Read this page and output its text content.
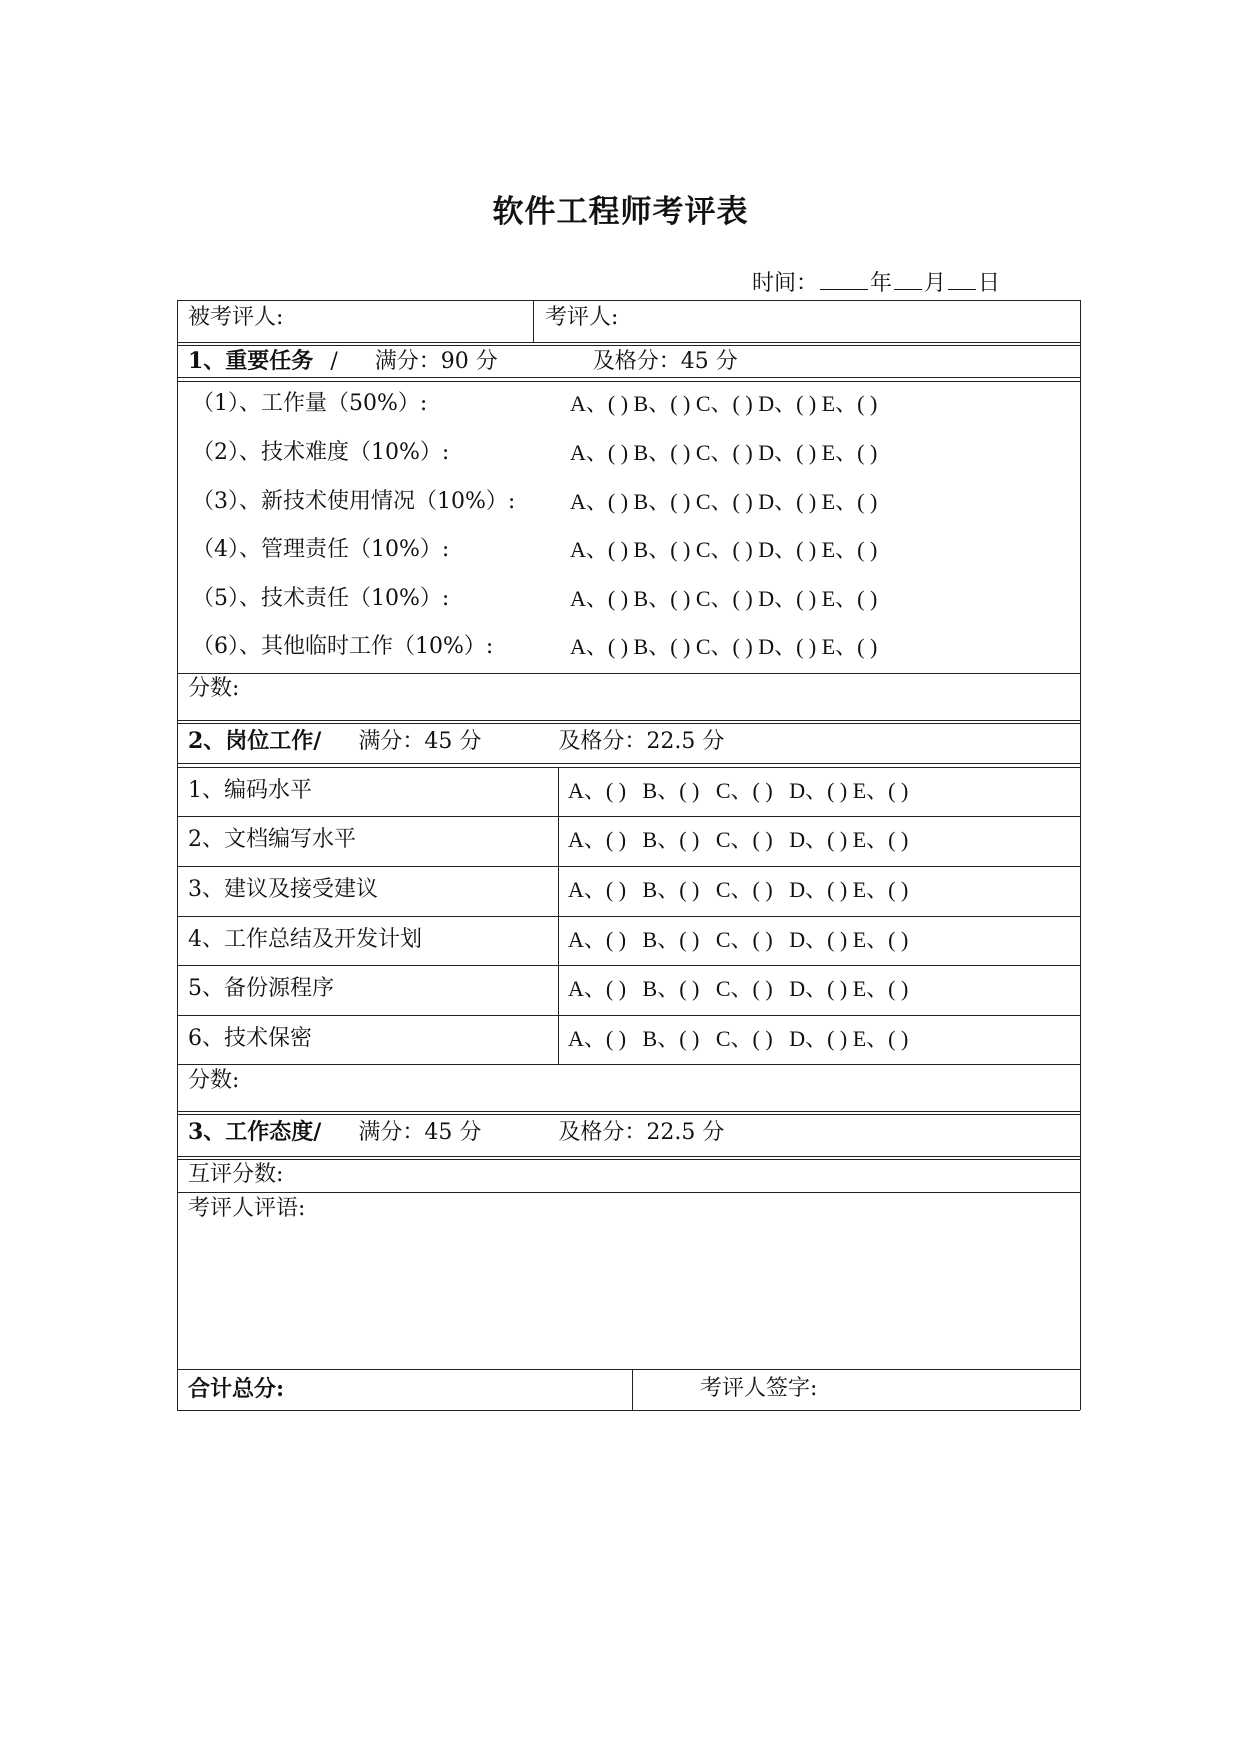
软件工程师考评表
时间： 年 月 日
被考评人:	考评人:
1、重要任务 / 满分：90 分	及格分：45 分
（1）、工作量（50%）:	A、( ) B、( ) C、( ) D、( ) E、( )
（2）、技术难度（10%）:	A、( ) B、( ) C、( ) D、( ) E、( )
（3）、新技术使用情况（10%）: A、( ) B、( ) C、( ) D、( ) E、( )
（4）、管理责任（10%）:	A、( ) B、( ) C、( ) D、( ) E、( )
（5）、技术责任（10%）:	A、( ) B、( ) C、( ) D、( ) E、( )
（6）、其他临时工作（10%）:	A、( ) B、( ) C、( ) D、( ) E、( )
分数:
2、岗位工作/ 满分：45 分	及格分：22.5 分
1、编码水平	A、( )   B、( )   C、( )   D、( ) E、( )
2、文档编写水平	A、( )   B、( )   C、( )   D、( ) E、( )
3、建议及接受建议	A、( )   B、( )   C、( )   D、( ) E、( )
4、工作总结及开发计划	A、( )   B、( )   C、( )   D、( ) E、( )
5、备份源程序	A、( )   B、( )   C、( )   D、( ) E、( )
6、技术保密	A、( )   B、( )   C、( )   D、( ) E、( )
分数:
3、工作态度/ 满分：45 分	及格分：22.5 分
互评分数:
考评人评语:
合计总分:	考评人签字:
